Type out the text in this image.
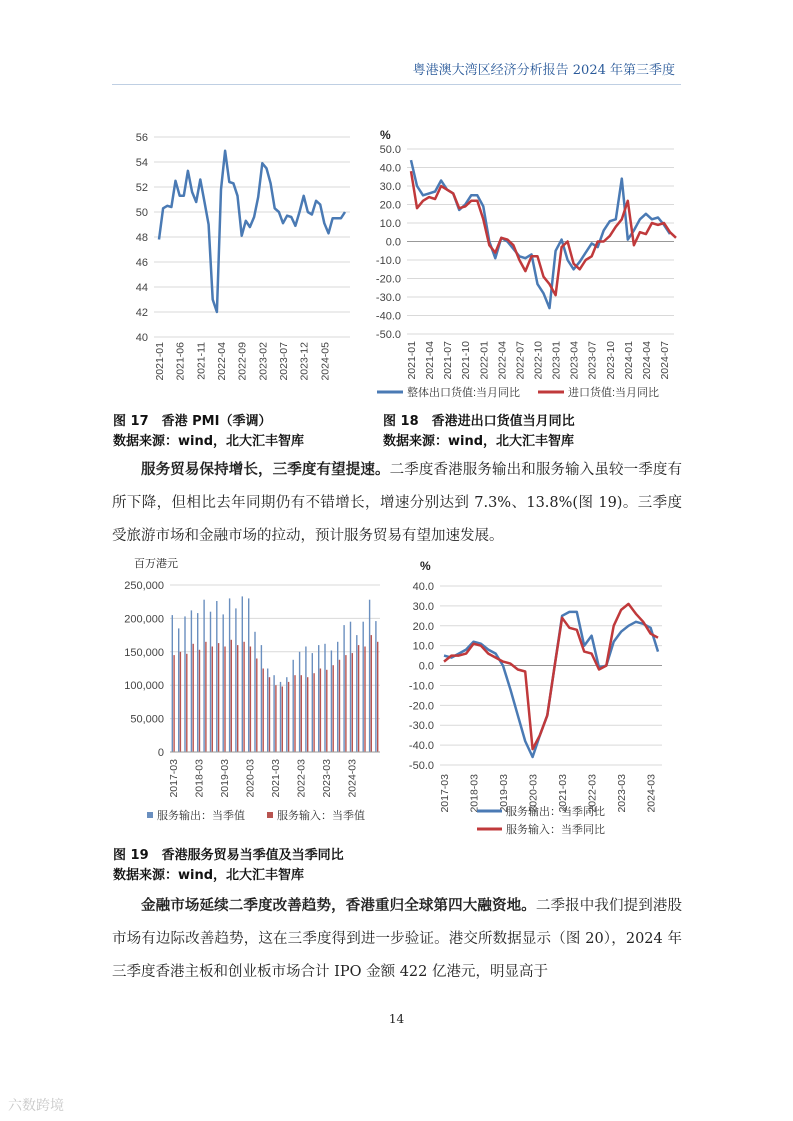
粤港澳大湾区经济分析报告 2024 年第三季度
40
42
44
46
48
50
52
54
56
2021-01 2021-06 2021-11 2022-04 2022-09 2023-02 2023-07 2023-12 2024-05
-50.0
-40.0
-30.0
-20.0
-10.0
0.0
10.0
20.0
30.0
40.0
50.0
%
2021-01 2021-04 2021-07 2021-10 2022-01 2022-04 2022-07 2022-10 2023-01 2023-04 2023-07 2023-10 2024-01 2024-04 2024-07
整体出口货值:当月同比	进口货值:当月同比
图 17　香港 PMI（季调）
数据来源：wind，北大汇丰智库
图 18　香港进出口货值当月同比
数据来源：wind，北大汇丰智库

服务贸易保持增长，三季度有望提速。二季度香港服务输出和服务输入虽较一季度有所下降，但相比去年同期仍有不错增长，增速分别达到 7.3%、13.8%(图 19)。三季度受旅游市场和金融市场的拉动，预计服务贸易有望加速发展。

0
50,000
100,000
150,000
200,000
250,000
百万港元
2017-03 2018-03 2019-03 2020-03 2021-03 2022-03 2023-03 2024-03
服务输出：当季值	服务输入：当季值
-50.0
-40.0
-30.0
-20.0
-10.0
0.0
10.0
20.0
30.0
40.0
%
2017-03 2018-03 2019-03 2020-03 2021-03 2022-03 2023-03 2024-03
服务输出：当季同比
服务输入：当季同比
图 19　香港服务贸易当季值及当季同比
数据来源：wind，北大汇丰智库

金融市场延续二季度改善趋势，香港重归全球第四大融资地。二季报中我们提到港股市场有边际改善趋势，这在三季度得到进一步验证。港交所数据显示（图 20），2024 年三季度香港主板和创业板市场合计 IPO 金额 422 亿港元，明显高于

14
六数跨境
